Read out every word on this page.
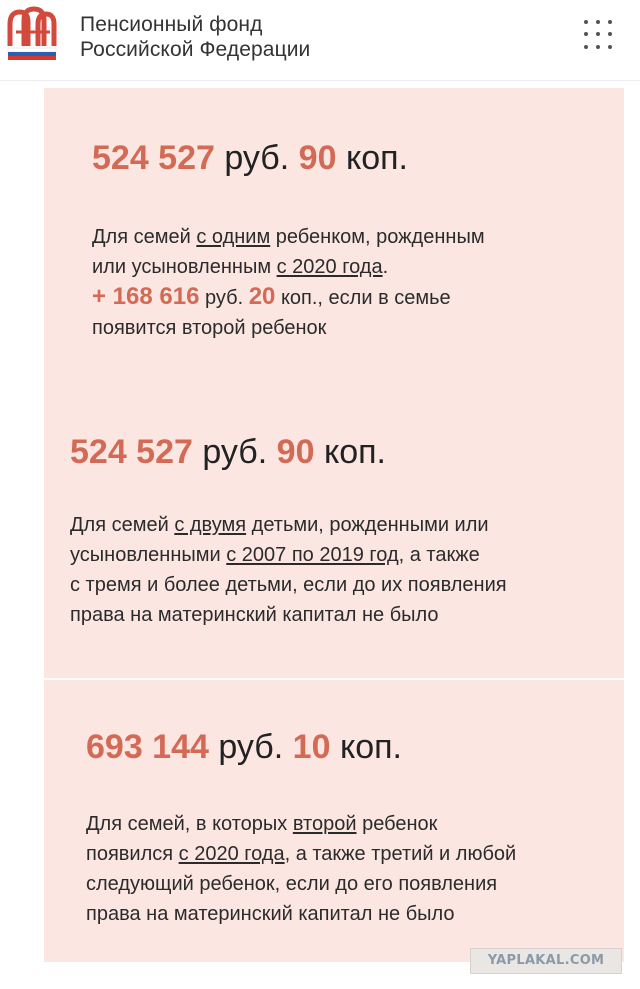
Пенсионный фонд
Российской Федерации
524 527 руб. 90 коп.
Для семей с одним ребенком, рожденным
или усыновленным с 2020 года.
+ 168 616 руб. 20 коп., если в семье
появится второй ребенок
524 527 руб. 90 коп.
Для семей с двумя детьми, рожденными или
усыновленными с 2007 по 2019 год, а также
с тремя и более детьми, если до их появления
права на материнский капитал не было
693 144 руб. 10 коп.
Для семей, в которых второй ребенок
появился с 2020 года, а также третий и любой
следующий ребенок, если до его появления
права на материнский капитал не было
YAPLAKAL.COM
